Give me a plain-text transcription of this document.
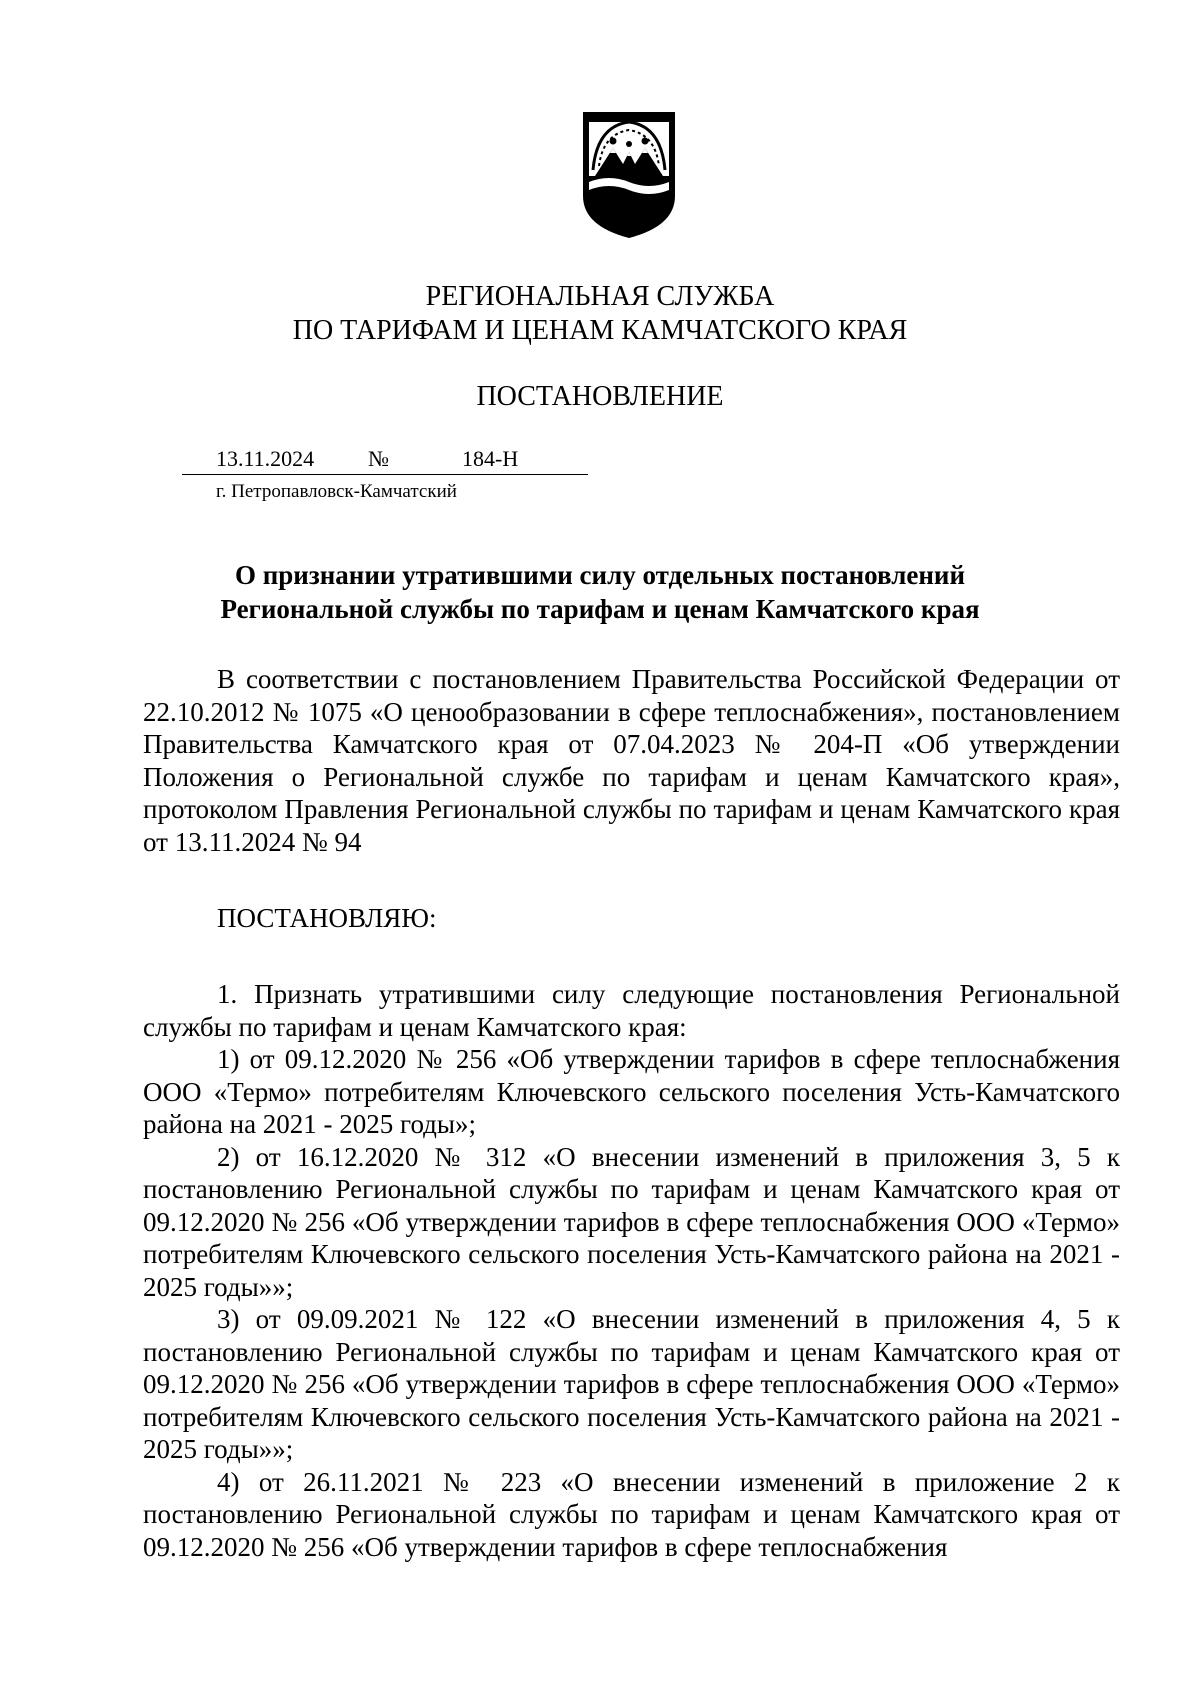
РЕГИОНАЛЬНАЯ СЛУЖБА
ПО ТАРИФАМ И ЦЕНАМ КАМЧАТСКОГО КРАЯ
ПОСТАНОВЛЕНИЕ
13.11.2024 №	184-Н
г. Петропавловск-Камчатский
О признании утратившими силу отдельных постановлений
Региональной службы по тарифам и ценам Камчатского края

В соответствии с постановлением Правительства Российской Федерации от 22.10.2012 № 1075 «О ценообразовании в сфере теплоснабжения», постановлением Правительства Камчатского края от 07.04.2023 № 204-П «Об утверждении Положения о Региональной службе по тарифам и ценам Камчатского края», протоколом Правления Региональной службы по тарифам и ценам Камчатского края от 13.11.2024 № 94

ПОСТАНОВЛЯЮ:

1. Признать утратившими силу следующие постановления Региональной службы по тарифам и ценам Камчатского края:

1) от 09.12.2020 № 256 «Об утверждении тарифов в сфере теплоснабжения ООО «Термо» потребителям Ключевского сельского поселения Усть-Камчатского района на 2021 - 2025 годы»;

2) от 16.12.2020 № 312 «О внесении изменений в приложения 3, 5 к постановлению Региональной службы по тарифам и ценам Камчатского края от 09.12.2020 № 256 «Об утверждении тарифов в сфере теплоснабжения ООО «Термо» потребителям Ключевского сельского поселения Усть-Камчатского района на 2021 - 2025 годы»»;

3) от 09.09.2021 № 122 «О внесении изменений в приложения 4, 5 к постановлению Региональной службы по тарифам и ценам Камчатского края от 09.12.2020 № 256 «Об утверждении тарифов в сфере теплоснабжения ООО «Термо» потребителям Ключевского сельского поселения Усть-Камчатского района на 2021 - 2025 годы»»;

4) от 26.11.2021 № 223 «О внесении изменений в приложение 2 к постановлению Региональной службы по тарифам и ценам Камчатского края от 09.12.2020 № 256 «Об утверждении тарифов в сфере теплоснабжения
